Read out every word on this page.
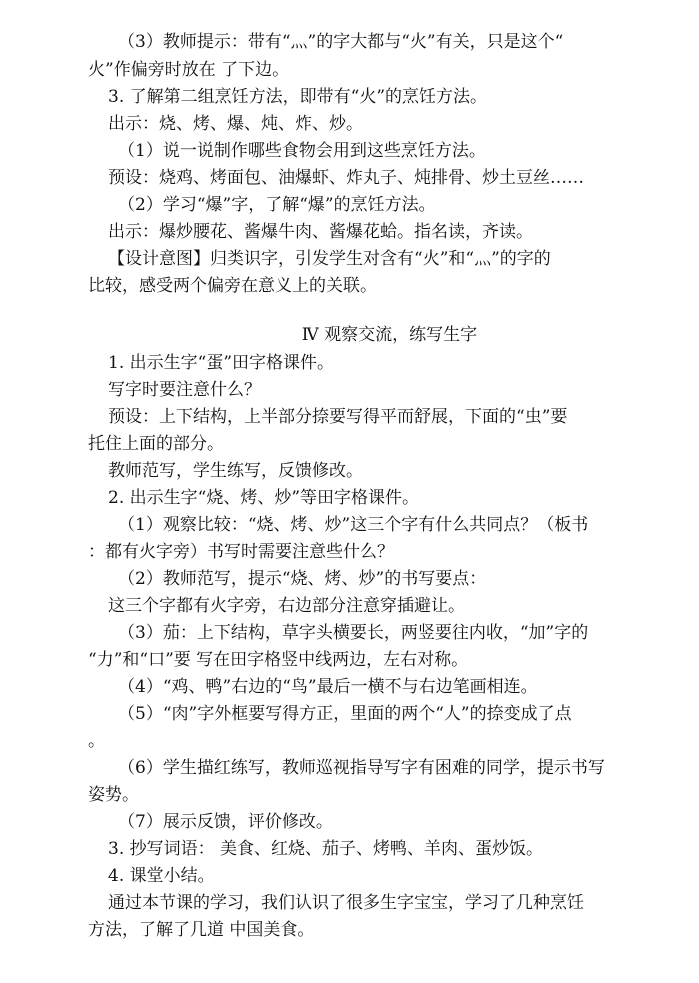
（3）教师提示：带有“灬”的字大都与“火”有关，只是这个“
火”作偏旁时放在 了下边。
3. 了解第二组烹饪方法，即带有“火”的烹饪方法。
出示：烧、烤、爆、炖、炸、炒。
（1）说一说制作哪些食物会用到这些烹饪方法。
预设：烧鸡、烤面包、油爆虾、炸丸子、炖排骨、炒土豆丝……
（2）学习“爆”字，了解“爆”的烹饪方法。
出示：爆炒腰花、酱爆牛肉、酱爆花蛤。指名读，齐读。
【设计意图】归类识字，引发学生对含有“火”和“灬”的字的
比较，感受两个偏旁在意义上的关联。
Ⅳ 观察交流，练写生字
1. 出示生字“蛋”田字格课件。
写字时要注意什么？
预设：上下结构，上半部分捺要写得平而舒展，下面的“虫”要
托住上面的部分。
教师范写，学生练写，反馈修改。
2. 出示生字“烧、烤、炒”等田字格课件。
（1）观察比较：“烧、烤、炒”这三个字有什么共同点？（板书
：都有火字旁）书写时需要注意些什么？
（2）教师范写，提示“烧、烤、炒”的书写要点：
这三个字都有火字旁，右边部分注意穿插避让。
（3）茄：上下结构，草字头横要长，两竖要往内收，“加”字的
“力”和“口”要 写在田字格竖中线两边，左右对称。
（4）“鸡、鸭”右边的“鸟”最后一横不与右边笔画相连。
（5）“肉”字外框要写得方正，里面的两个“人”的捺变成了点
。
（6）学生描红练写，教师巡视指导写字有困难的同学，提示书写
姿势。
（7）展示反馈，评价修改。
3. 抄写词语： 美食、红烧、茄子、烤鸭、羊肉、蛋炒饭。
4. 课堂小结。
通过本节课的学习，我们认识了很多生字宝宝，学习了几种烹饪
方法，了解了几道 中国美食。
